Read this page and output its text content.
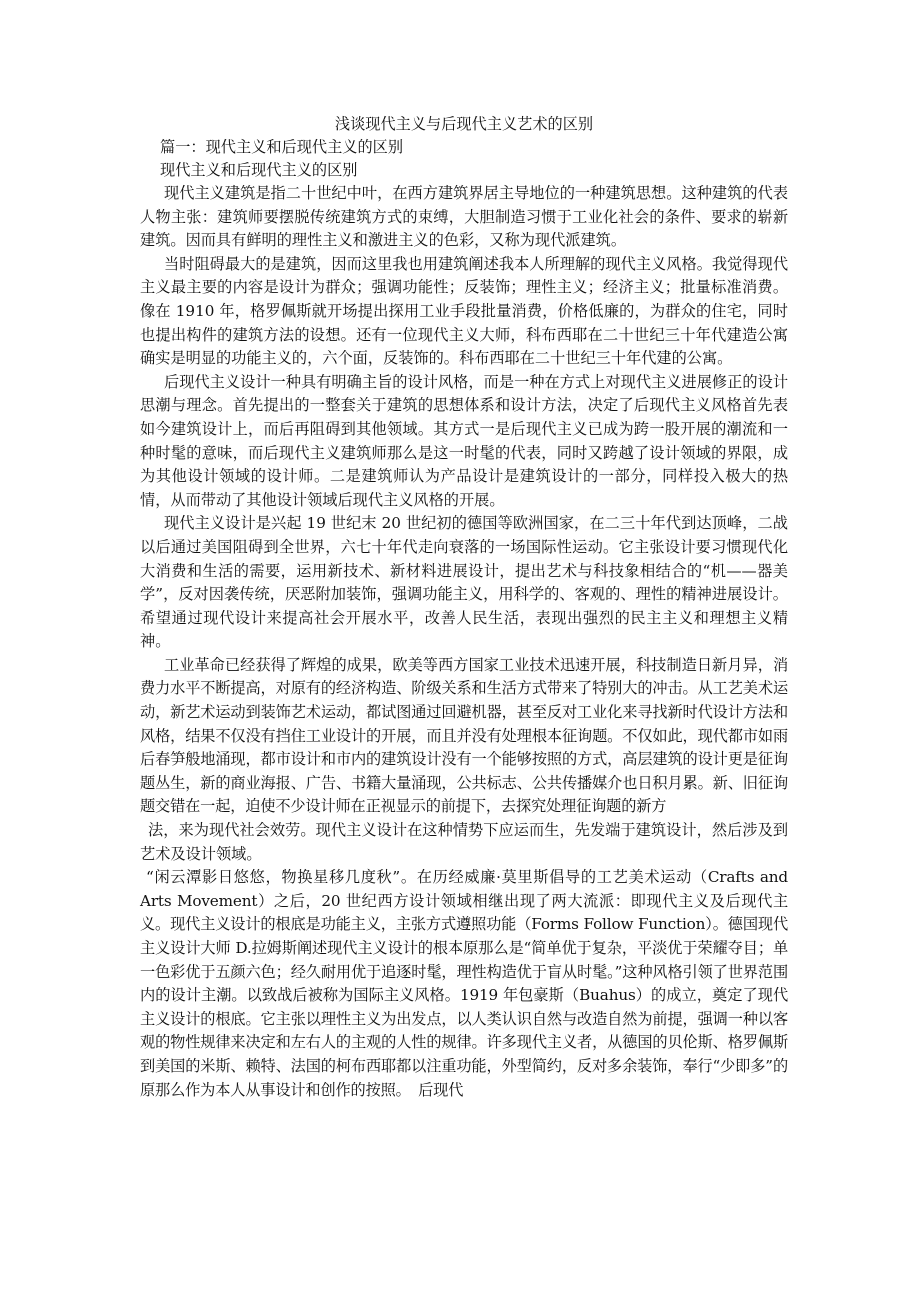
浅谈现代主义与后现代主义艺术的区别

篇一：现代主义和后现代主义的区别

现代主义和后现代主义的区别

现代主义建筑是指二十世纪中叶，在西方建筑界居主导地位的一种建筑思想。这种建筑的代表人物主张：建筑师要摆脱传统建筑方式的束缚，大胆制造习惯于工业化社会的条件、要求的崭新建筑。因而具有鲜明的理性主义和激进主义的色彩，又称为现代派建筑。

当时阻碍最大的是建筑，因而这里我也用建筑阐述我本人所理解的现代主义风格。我觉得现代主义最主要的内容是设计为群众；强调功能性；反装饰；理性主义；经济主义；批量标准消费。像在 1910 年，格罗佩斯就开场提出探用工业手段批量消费，价格低廉的，为群众的住宅，同时也提出构件的建筑方法的设想。还有一位现代主义大师，科布西耶在二十世纪三十年代建造公寓确实是明显的功能主义的，六个面，反装饰的。科布西耶在二十世纪三十年代建的公寓。

后现代主义设计一种具有明确主旨的设计风格，而是一种在方式上对现代主义进展修正的设计思潮与理念。首先提出的一整套关于建筑的思想体系和设计方法，决定了后现代主义风格首先表如今建筑设计上，而后再阻碍到其他领域。其方式一是后现代主义已成为跨一股开展的潮流和一种时髦的意味，而后现代主义建筑师那么是这一时髦的代表，同时又跨越了设计领域的界限，成为其他设计领域的设计师。二是建筑师认为产品设计是建筑设计的一部分，同样投入极大的热情，从而带动了其他设计领域后现代主义风格的开展。

现代主义设计是兴起 19 世纪末 20 世纪初的德国等欧洲国家，在二三十年代到达顶峰，二战以后通过美国阻碍到全世界，六七十年代走向衰落的一场国际性运动。它主张设计要习惯现代化大消费和生活的需要，运用新技术、新材料进展设计，提出艺术与科技象相结合的“机——器美学”，反对因袭传统，厌恶附加装饰，强调功能主义，用科学的、客观的、理性的精神进展设计。希望通过现代设计来提高社会开展水平，改善人民生活，表现出强烈的民主主义和理想主义精神。

工业革命已经获得了辉煌的成果，欧美等西方国家工业技术迅速开展，科技制造日新月异，消费力水平不断提高，对原有的经济构造、阶级关系和生活方式带来了特别大的冲击。从工艺美术运动，新艺术运动到装饰艺术运动，都试图通过回避机器，甚至反对工业化来寻找新时代设计方法和风格，结果不仅没有挡住工业设计的开展，而且并没有处理根本征询题。不仅如此，现代都市如雨后春笋般地涌现，都市设计和市内的建筑设计没有一个能够按照的方式，高层建筑的设计更是征询题丛生，新的商业海报、广告、书籍大量涌现，公共标志、公共传播媒介也日积月累。新、旧征询题交错在一起，迫使不少设计师在正视显示的前提下，去探究处理征询题的新方

法，来为现代社会效劳。现代主义设计在这种情势下应运而生，先发端于建筑设计，然后涉及到艺术及设计领域。

“闲云潭影日悠悠，物换星移几度秋”。在历经威廉·莫里斯倡导的工艺美术运动（Crafts and Arts Movement）之后，20 世纪西方设计领域相继出现了两大流派：即现代主义及后现代主义。现代主义设计的根底是功能主义，主张方式遵照功能（Forms Follow Function）。德国现代主义设计大师 D.拉姆斯阐述现代主义设计的根本原那么是“简单优于复杂，平淡优于荣耀夺目；单一色彩优于五颜六色；经久耐用优于追逐时髦，理性构造优于盲从时髦。”这种风格引领了世界范围内的设计主潮。以致战后被称为国际主义风格。1919 年包豪斯（Buahus）的成立，奠定了现代主义设计的根底。它主张以理性主义为出发点，以人类认识自然与改造自然为前提，强调一种以客观的物性规律来决定和左右人的主观的人性的规律。许多现代主义者，从德国的贝伦斯、格罗佩斯到美国的米斯、赖特、法国的柯布西耶都以注重功能，外型简约，反对多余装饰，奉行“少即多”的原那么作为本人从事设计和创作的按照。　后现代
